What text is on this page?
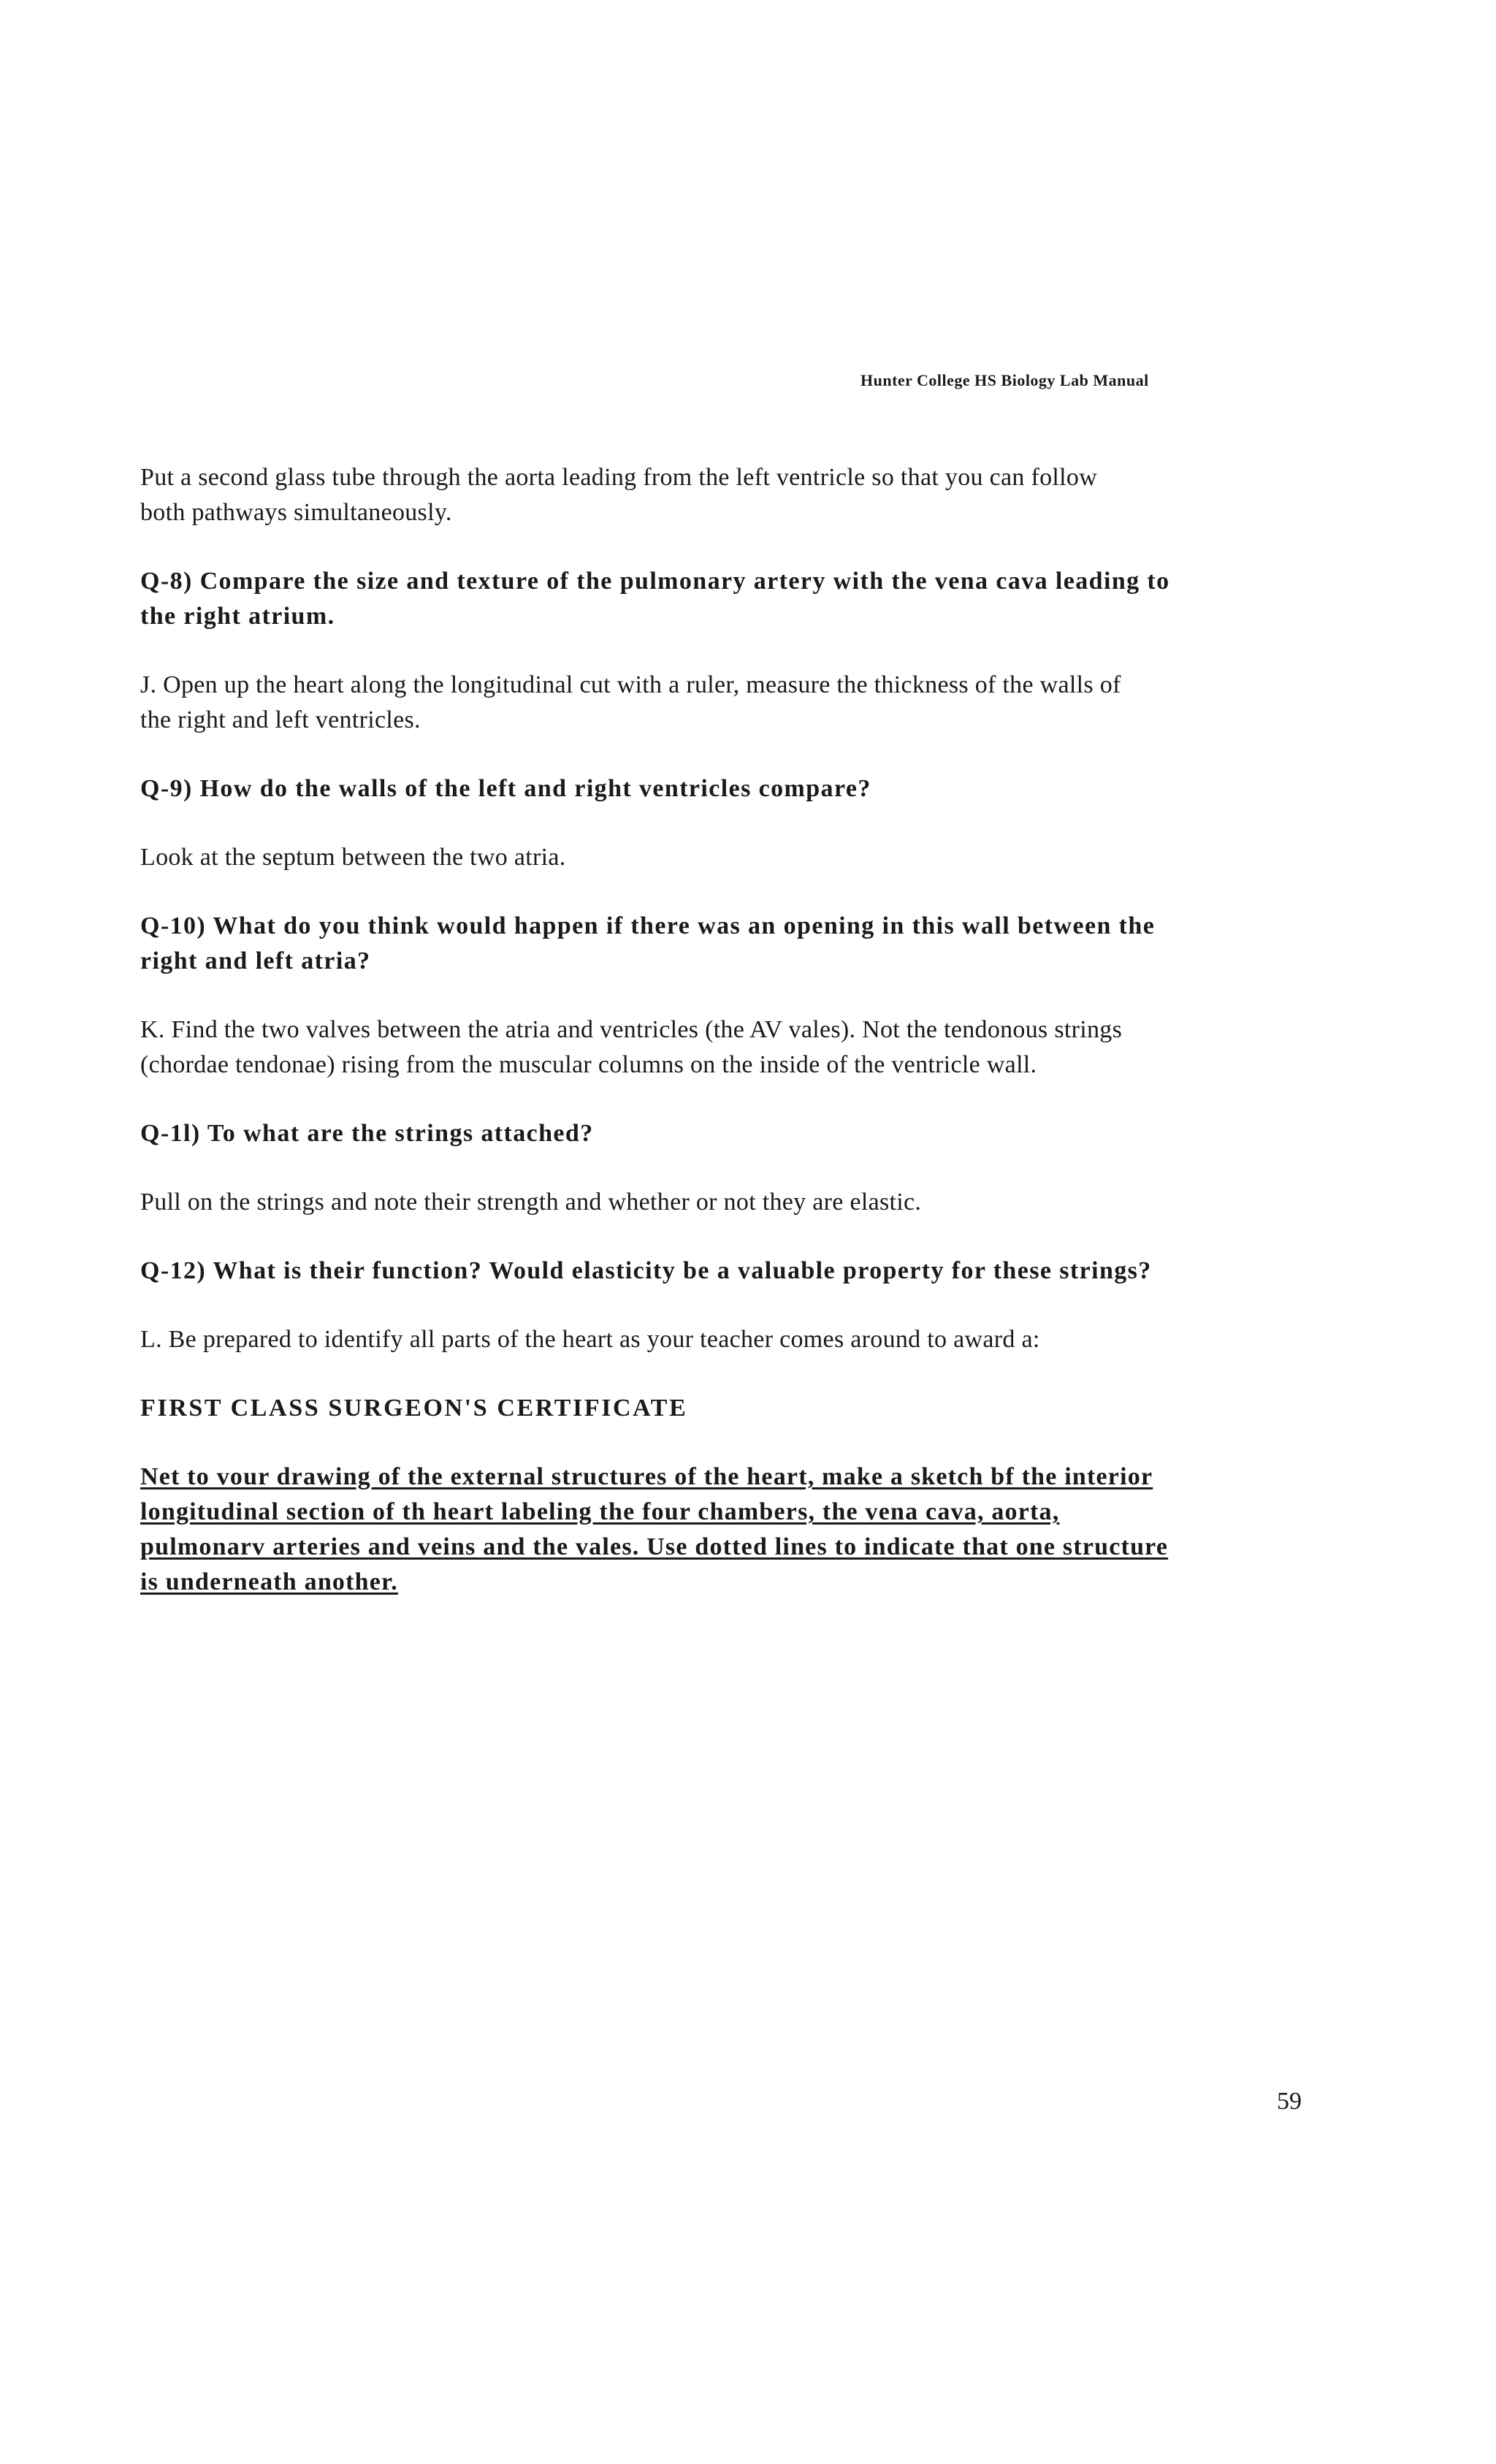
Hunter College HS Biology Lab Manual
Put a second glass tube through the aorta leading from the left ventricle so that you can follow
both pathways simultaneously.
Q-8) Compare the size and texture of the pulmonary artery with the vena cava leading to
the right atrium.
J. Open up the heart along the longitudinal cut with a ruler, measure the thickness of the walls of
the right and left ventricles.
Q-9) How do the walls of the left and right ventricles compare?
Look at the septum between the two atria.
Q-10) What do you think would happen if there was an opening in this wall between the
right and left atria?
K. Find the two valves between the atria and ventricles (the AV vales). Not the tendonous strings
(chordae tendonae) rising from the muscular columns on the inside of the ventricle wall.
Q-1l) To what are the strings attached?
Pull on the strings and note their strength and whether or not they are elastic.
Q-12) What is their function? Would elasticity be a valuable property for these strings?
L. Be prepared to identify all parts of the heart as your teacher comes around to award a:
FIRST CLASS SURGEON'S CERTIFICATE
Net to vour drawing of the external structures of the heart, make a sketch bf the interior
longitudinal section of th heart labeling the four chambers, the vena cava, aorta,
pulmonarv arteries and veins and the vales. Use dotted lines to indicate that one structure
is underneath another.
59
